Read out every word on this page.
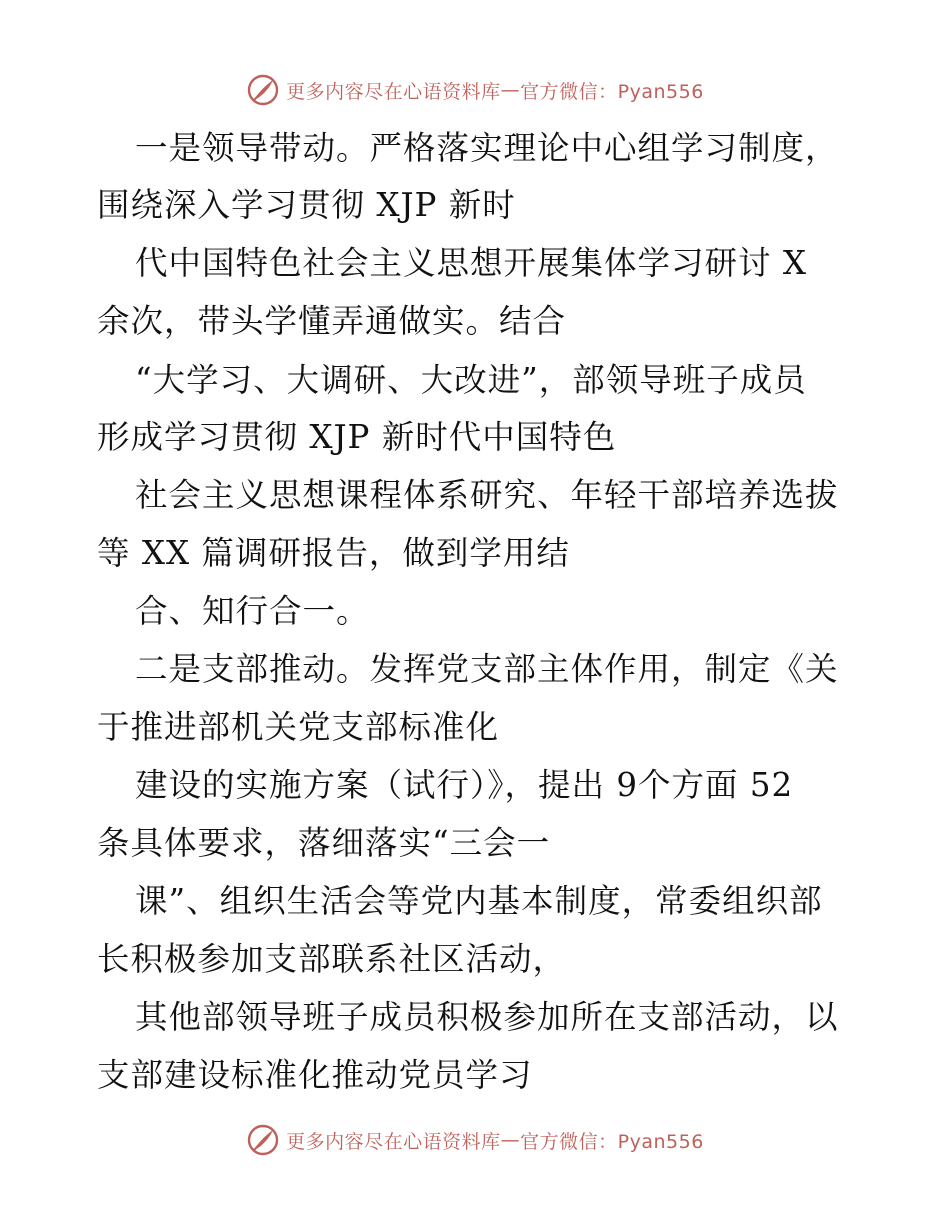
更多内容尽在心语资料库 — 官方微信：Pyan556
一是领导带动。严格落实理论中心组学习制度，
围绕深入学习贯彻 XJP 新时
代中国特色社会主义思想开展集体学习研讨 X
余次，带头学懂弄通做实。结合
“大学习、大调研、大改进”，部领导班子成员
形成学习贯彻 XJP 新时代中国特色
社会主义思想课程体系研究、年轻干部培养选拔
等 XX 篇调研报告，做到学用结
合、知行合一。
二是支部推动。发挥党支部主体作用，制定《关
于推进部机关党支部标准化
建设的实施方案（试行）》，提出 9个方面 52
条具体要求，落细落实“三会一
课”、组织生活会等党内基本制度，常委组织部
长积极参加支部联系社区活动，
其他部领导班子成员积极参加所在支部活动，以
支部建设标准化推动党员学习
更多内容尽在心语资料库 — 官方微信：Pyan556
